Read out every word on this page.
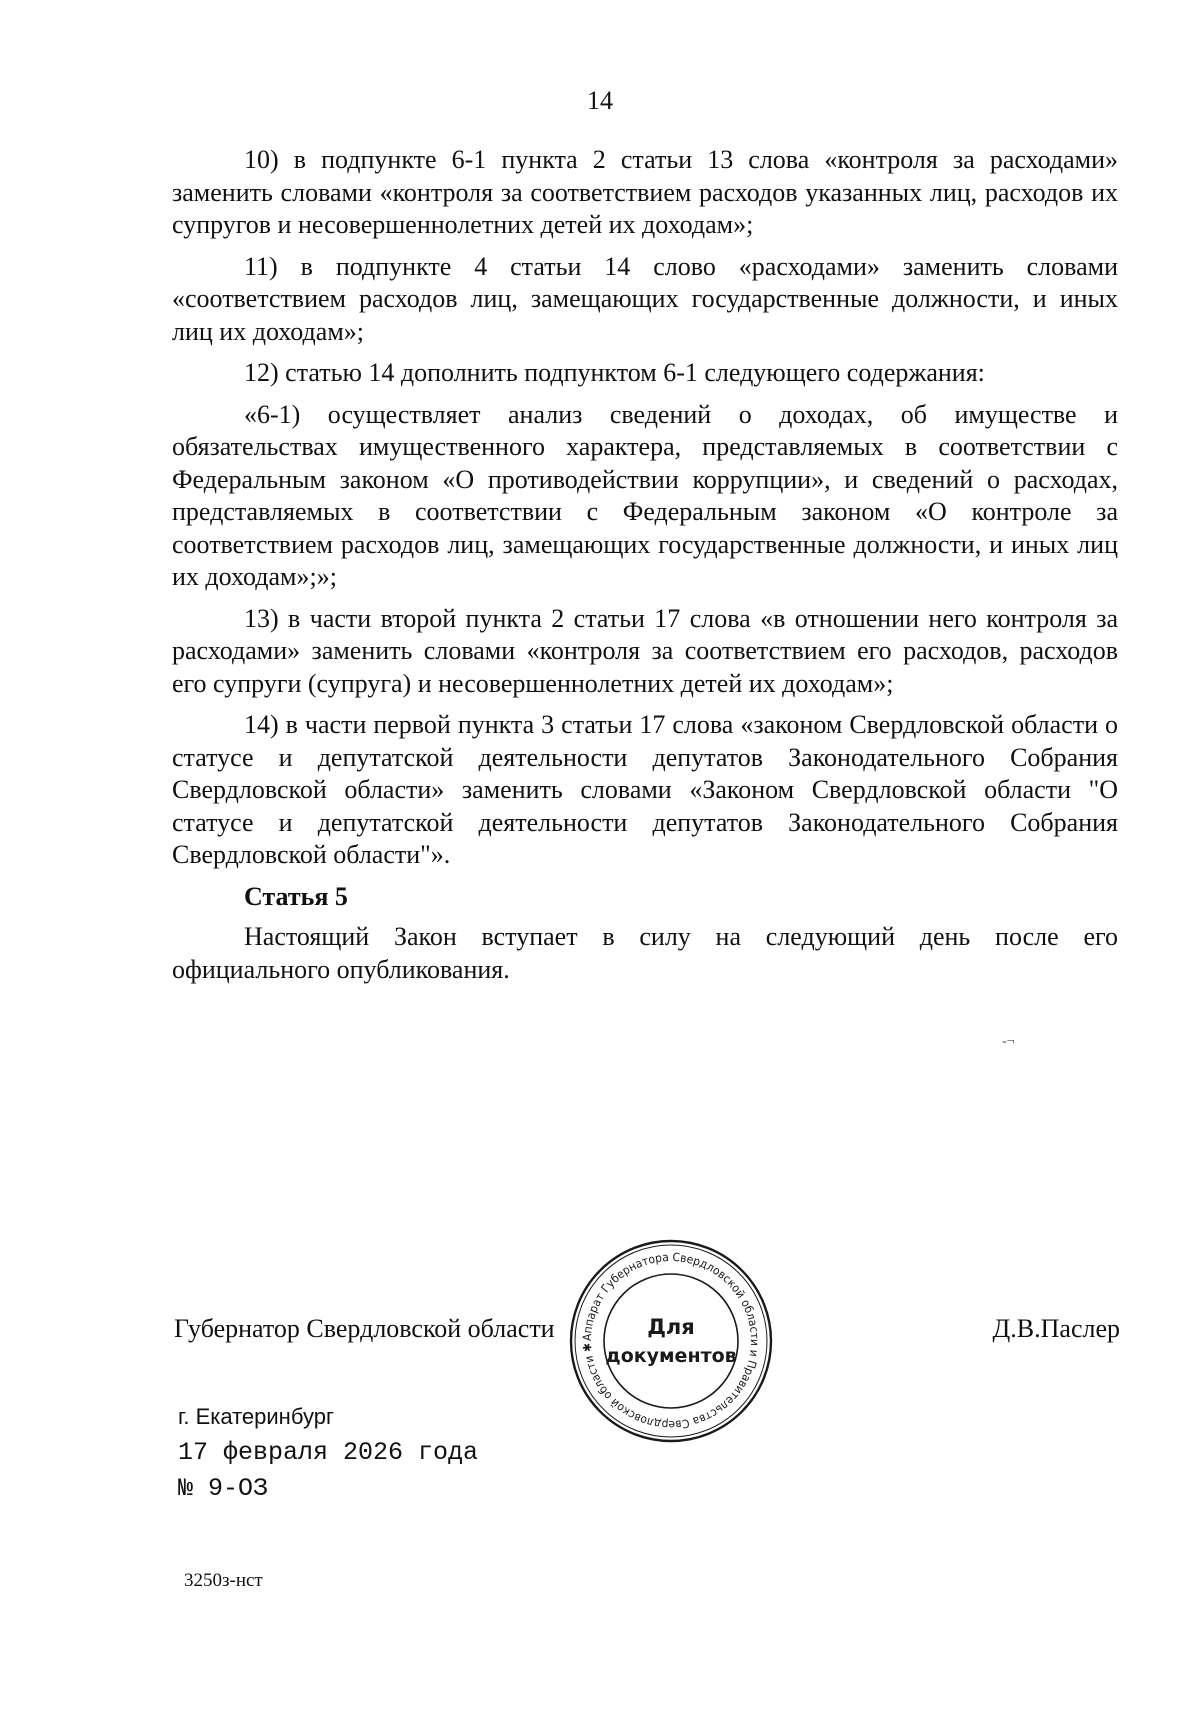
14

10) в подпункте 6-1 пункта 2 статьи 13 слова «контроля за расходами» заменить словами «контроля за соответствием расходов указанных лиц, расходов их супругов и несовершеннолетних детей их доходам»;

11) в подпункте 4 статьи 14 слово «расходами» заменить словами «соответствием расходов лиц, замещающих государственные должности, и иных лиц их доходам»;

12) статью 14 дополнить подпунктом 6-1 следующего содержания:

«6-1) осуществляет анализ сведений о доходах, об имуществе и обязательствах имущественного характера, представляемых в соответствии с Федеральным законом «О противодействии коррупции», и сведений о расходах, представляемых в соответствии с Федеральным законом «О контроле за соответствием расходов лиц, замещающих государственные должности, и иных лиц их доходам»;»;

13) в части второй пункта 2 статьи 17 слова «в отношении него контроля за расходами» заменить словами «контроля за соответствием его расходов, расходов его супруги (супруга) и несовершеннолетних детей их доходам»;

14) в части первой пункта 3 статьи 17 слова «законом Свердловской области о статусе и депутатской деятельности депутатов Законодательного Собрания Свердловской области» заменить словами «Законом Свердловской области "О статусе и депутатской деятельности депутатов Законодательного Собрания Свердловской области"».

Статья 5

Настоящий Закон вступает в силу на следующий день после его официального опубликования.

-¬
Губернатор Свердловской области	Д.В.Паслер
Аппарат Губернатора Свердловской области и Правительства Свердловской области ✱
Для
документов
г. Екатеринбург
17 февраля 2026 года
№ 9-ОЗ
3250з-нст
